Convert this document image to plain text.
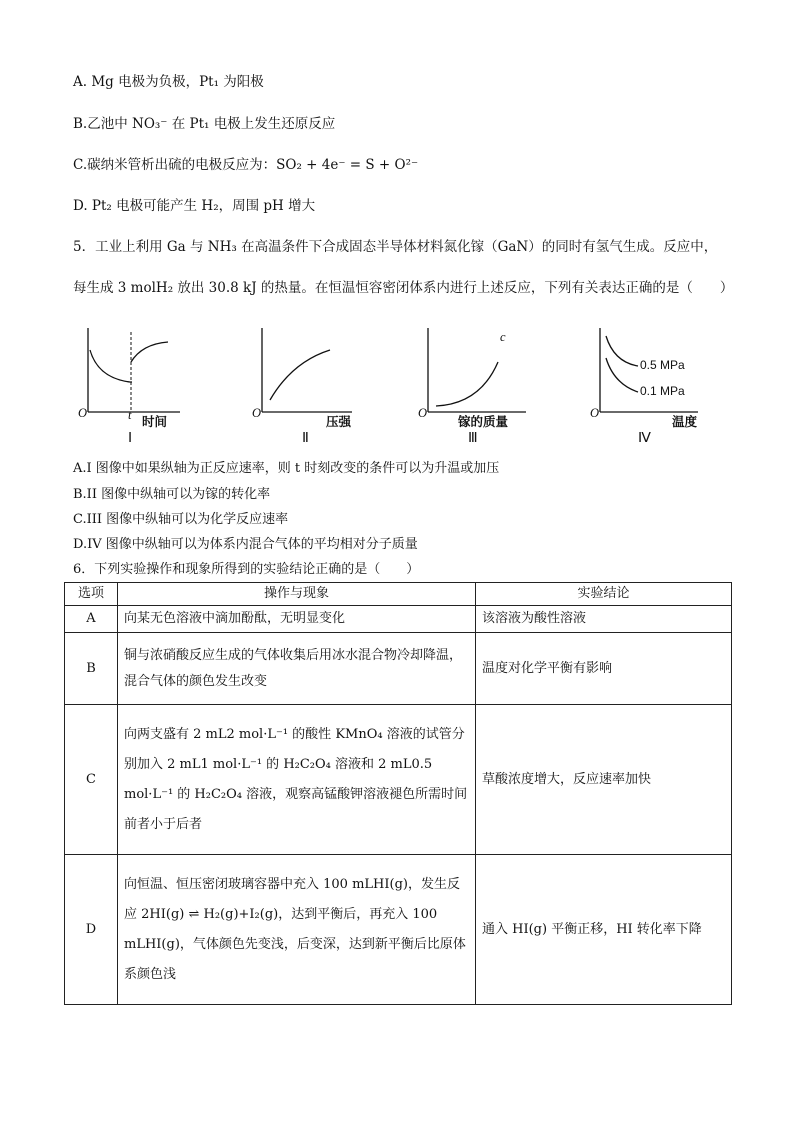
A. Mg 电极为负极，Pt₁ 为阳极
B.乙池中 NO₃⁻ 在 Pt₁ 电极上发生还原反应
C.碳纳米管析出硫的电极反应为：SO₂ + 4e⁻ = S + O²⁻
D. Pt₂ 电极可能产生 H₂，周围 pH 增大
5．工业上利用 Ga 与 NH₃ 在高温条件下合成固态半导体材料氮化镓（GaN）的同时有氢气生成。反应中，
每生成 3 molH₂ 放出 30.8 kJ 的热量。在恒温恒容密闭体系内进行上述反应，下列有关表达正确的是（　　）
O	t 时间
Ⅰ
O
压强
Ⅱ
O
c
镓的质量
Ⅲ
O
0.5 MPa
0.1 MPa
温度
Ⅳ
A.I 图像中如果纵轴为正反应速率，则 t 时刻改变的条件可以为升温或加压
B.II 图像中纵轴可以为镓的转化率
C.III 图像中纵轴可以为化学反应速率
D.IV 图像中纵轴可以为体系内混合气体的平均相对分子质量
6．下列实验操作和现象所得到的实验结论正确的是（　　）
选项	操作与现象	实验结论
A	向某无色溶液中滴加酚酞，无明显变化	该溶液为酸性溶液
B	铜与浓硝酸反应生成的气体收集后用冰水混合物冷却降温，混合气体的颜色发生改变	温度对化学平衡有影响
C	向两支盛有 2 mL2 mol·L⁻¹ 的酸性 KMnO₄ 溶液的试管分别加入 2 mL1 mol·L⁻¹ 的 H₂C₂O₄ 溶液和 2 mL0.5 mol·L⁻¹ 的 H₂C₂O₄ 溶液，观察高锰酸钾溶液褪色所需时间前者小于后者	草酸浓度增大，反应速率加快
D	向恒温、恒压密闭玻璃容器中充入 100 mLHI(g)，发生反应 2HI(g) ⇌ H₂(g)+I₂(g)，达到平衡后，再充入 100 mLHI(g)，气体颜色先变浅，后变深，达到新平衡后比原体系颜色浅	通入 HI(g) 平衡正移，HI 转化率下降
